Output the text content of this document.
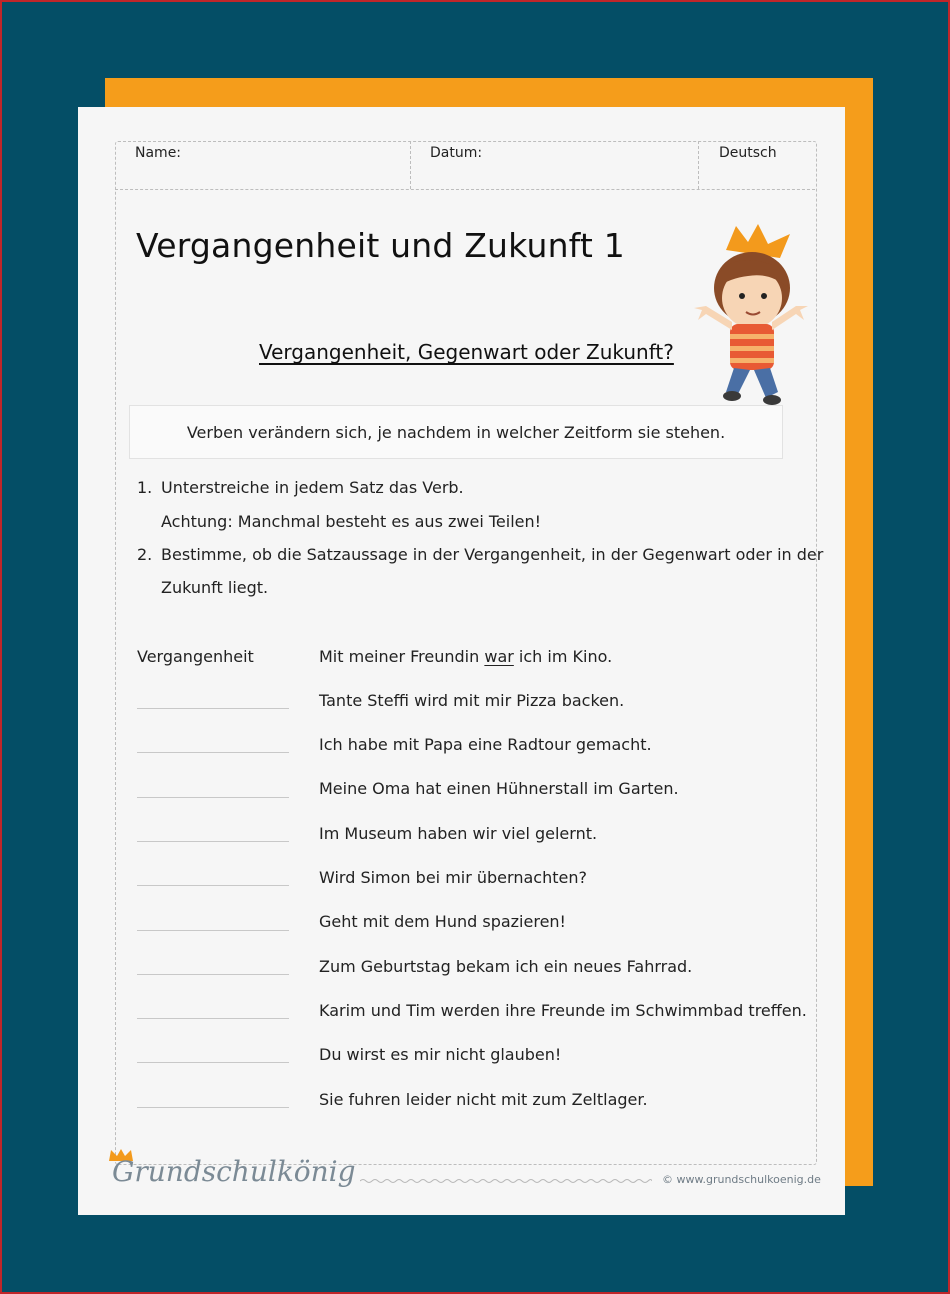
Name:	Datum:	Deutsch
Vergangenheit und Zukunft 1
Vergangenheit, Gegenwart oder Zukunft?
Verben verändern sich, je nachdem in welcher Zeitform sie stehen.
1. Unterstreiche in jedem Satz das Verb.
Achtung: Manchmal besteht es aus zwei Teilen!
2. Bestimme, ob die Satzaussage in der Vergangenheit, in der Gegenwart oder in der
Zukunft liegt.
Vergangenheit	Mit meiner Freundin war ich im Kino.
Tante Steffi wird mit mir Pizza backen.
Ich habe mit Papa eine Radtour gemacht.
Meine Oma hat einen Hühnerstall im Garten.
Im Museum haben wir viel gelernt.
Wird Simon bei mir übernachten?
Geht mit dem Hund spazieren!
Zum Geburtstag bekam ich ein neues Fahrrad.
Karim und Tim werden ihre Freunde im Schwimmbad treffen.
Du wirst es mir nicht glauben!
Sie fuhren leider nicht mit zum Zeltlager.
Grundschulkönig	© www.grundschulkoenig.de
